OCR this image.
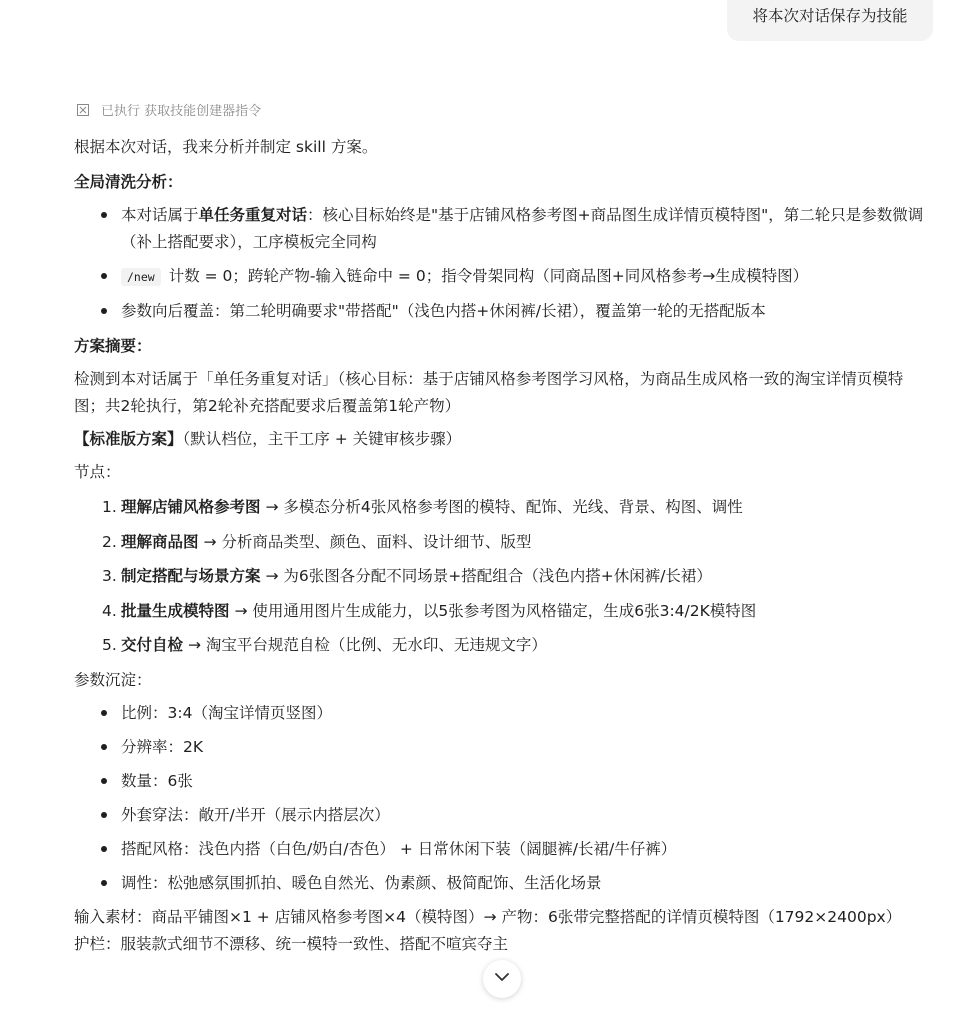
将本次对话保存为技能
已执行 获取技能创建器指令

根据本次对话，我来分析并制定 skill 方案。

全局清洗分析：

本对话属于单任务重复对话：核心目标始终是"基于店铺风格参考图+商品图生成详情页模特图"，第二轮只是参数微调（补上搭配要求），工序模板完全同构
/new 计数 = 0；跨轮产物-输入链命中 = 0；指令骨架同构（同商品图+同风格参考→生成模特图）
参数向后覆盖：第二轮明确要求"带搭配"（浅色内搭+休闲裤/长裙），覆盖第一轮的无搭配版本

方案摘要：

检测到本对话属于「单任务重复对话」（核心目标：基于店铺风格参考图学习风格，为商品生成风格一致的淘宝详情页模特图；共2轮执行，第2轮补充搭配要求后覆盖第1轮产物）

【标准版方案】（默认档位，主干工序 + 关键审核步骤）

节点：

1. 理解店铺风格参考图 → 多模态分析4张风格参考图的模特、配饰、光线、背景、构图、调性
2. 理解商品图 → 分析商品类型、颜色、面料、设计细节、版型
3. 制定搭配与场景方案 → 为6张图各分配不同场景+搭配组合（浅色内搭+休闲裤/长裙）
4. 批量生成模特图 → 使用通用图片生成能力，以5张参考图为风格锚定，生成6张3:4/2K模特图
5. 交付自检 → 淘宝平台规范自检（比例、无水印、无违规文字）

参数沉淀：

比例：3:4（淘宝详情页竖图）
分辨率：2K
数量：6张
外套穿法：敞开/半开（展示内搭层次）
搭配风格：浅色内搭（白色/奶白/杏色） + 日常休闲下装（阔腿裤/长裙/牛仔裤）
调性：松弛感氛围抓拍、暖色自然光、伪素颜、极简配饰、生活化场景

输入素材：商品平铺图×1 + 店铺风格参考图×4（模特图）→ 产物：6张带完整搭配的详情页模特图（1792×2400px）

护栏：服装款式细节不漂移、统一模特一致性、搭配不喧宾夺主
